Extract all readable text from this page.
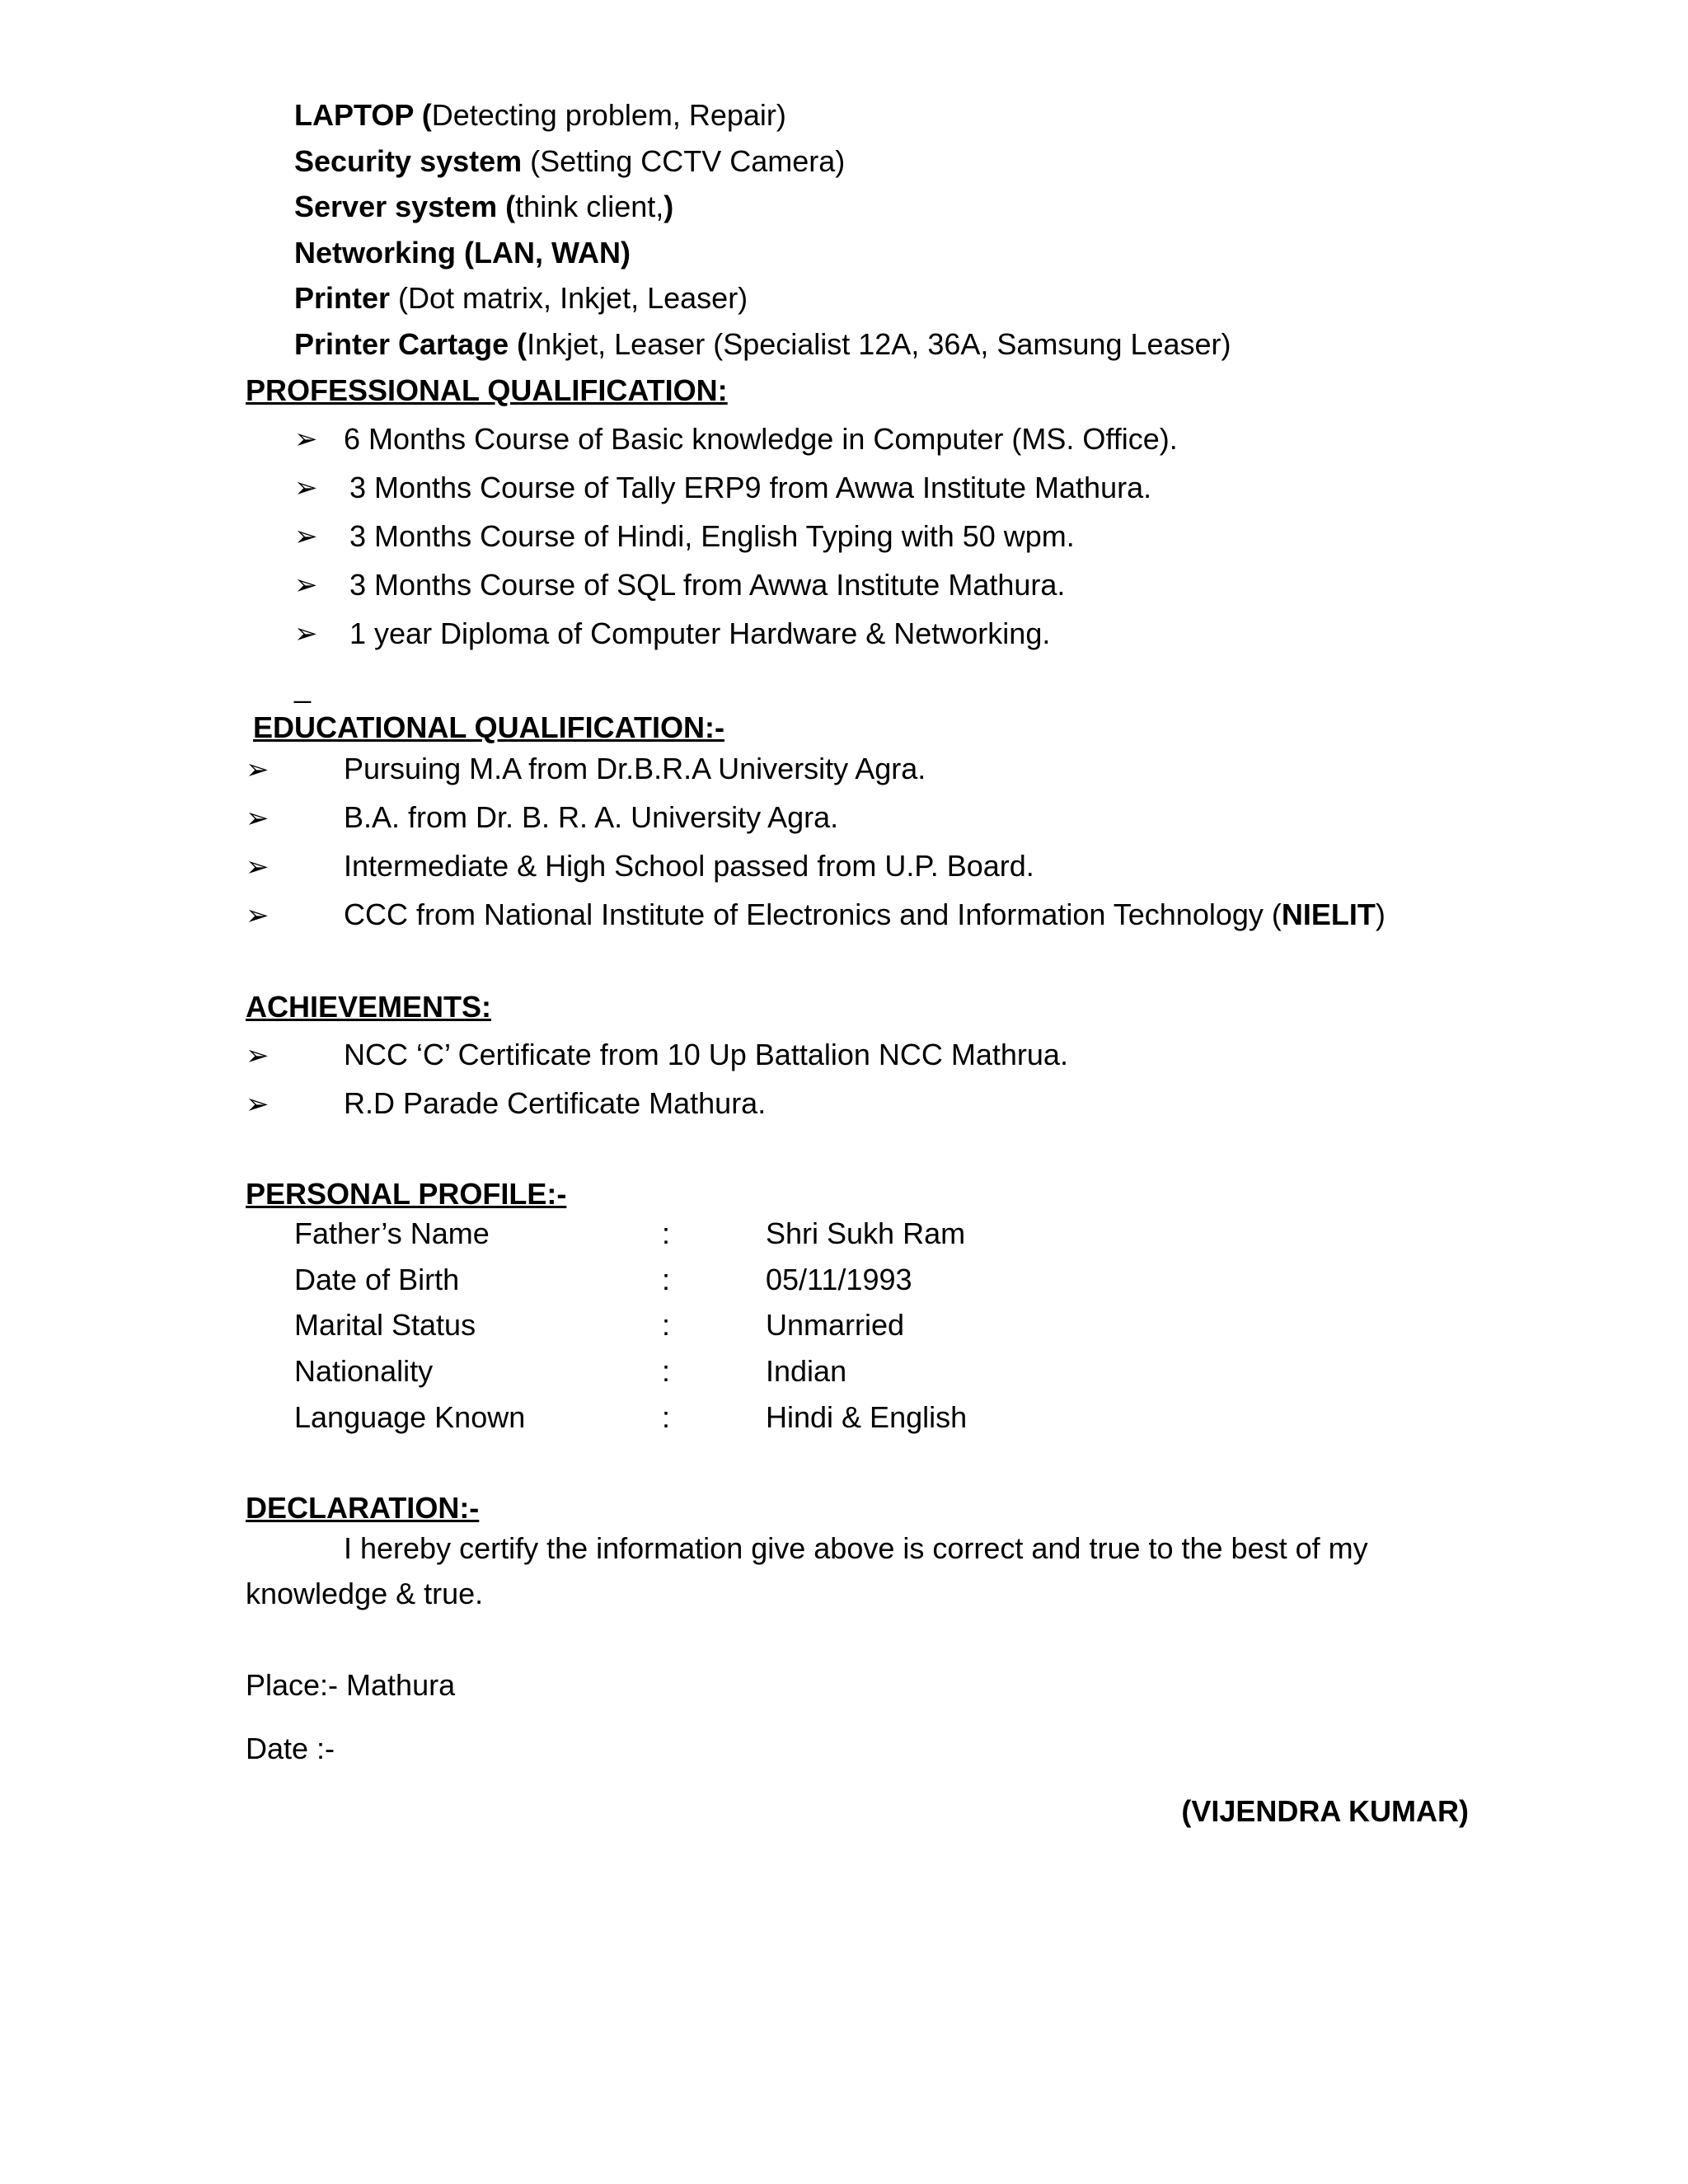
LAPTOP (Detecting problem, Repair)
Security system (Setting CCTV Camera)
Server system (think client,)
Networking (LAN, WAN)
Printer (Dot matrix, Inkjet, Leaser)
Printer Cartage (Inkjet, Leaser (Specialist 12A, 36A, Samsung Leaser)
PROFESSIONAL QUALIFICATION:
➢ 6 Months Course of Basic knowledge in Computer (MS. Office).
➢ 3 Months Course of Tally ERP9 from Awwa Institute Mathura.
➢ 3 Months Course of Hindi, English Typing with 50 wpm.
➢ 3 Months Course of SQL from Awwa Institute Mathura.
➢ 1 year Diploma of Computer Hardware & Networking.
_
EDUCATIONAL QUALIFICATION:-
➢	Pursuing M.A from Dr.B.R.A University Agra.
➢	B.A. from Dr. B. R. A. University Agra.
➢	Intermediate & High School passed from U.P. Board.
➢	CCC from National Institute of Electronics and Information Technology (NIELIT)
ACHIEVEMENTS:
➢	NCC ‘C’ Certificate from 10 Up Battalion NCC Mathrua.
➢	R.D Parade Certificate Mathura.
PERSONAL PROFILE:-
Father’s Name	:	Shri Sukh Ram
Date of Birth	:	05/11/1993
Marital Status	:	Unmarried
Nationality	:	Indian
Language Known	:	Hindi & English
DECLARATION:-
I hereby certify the information give above is correct and true to the best of my
knowledge & true.
Place:- Mathura
Date :-
(VIJENDRA KUMAR)
